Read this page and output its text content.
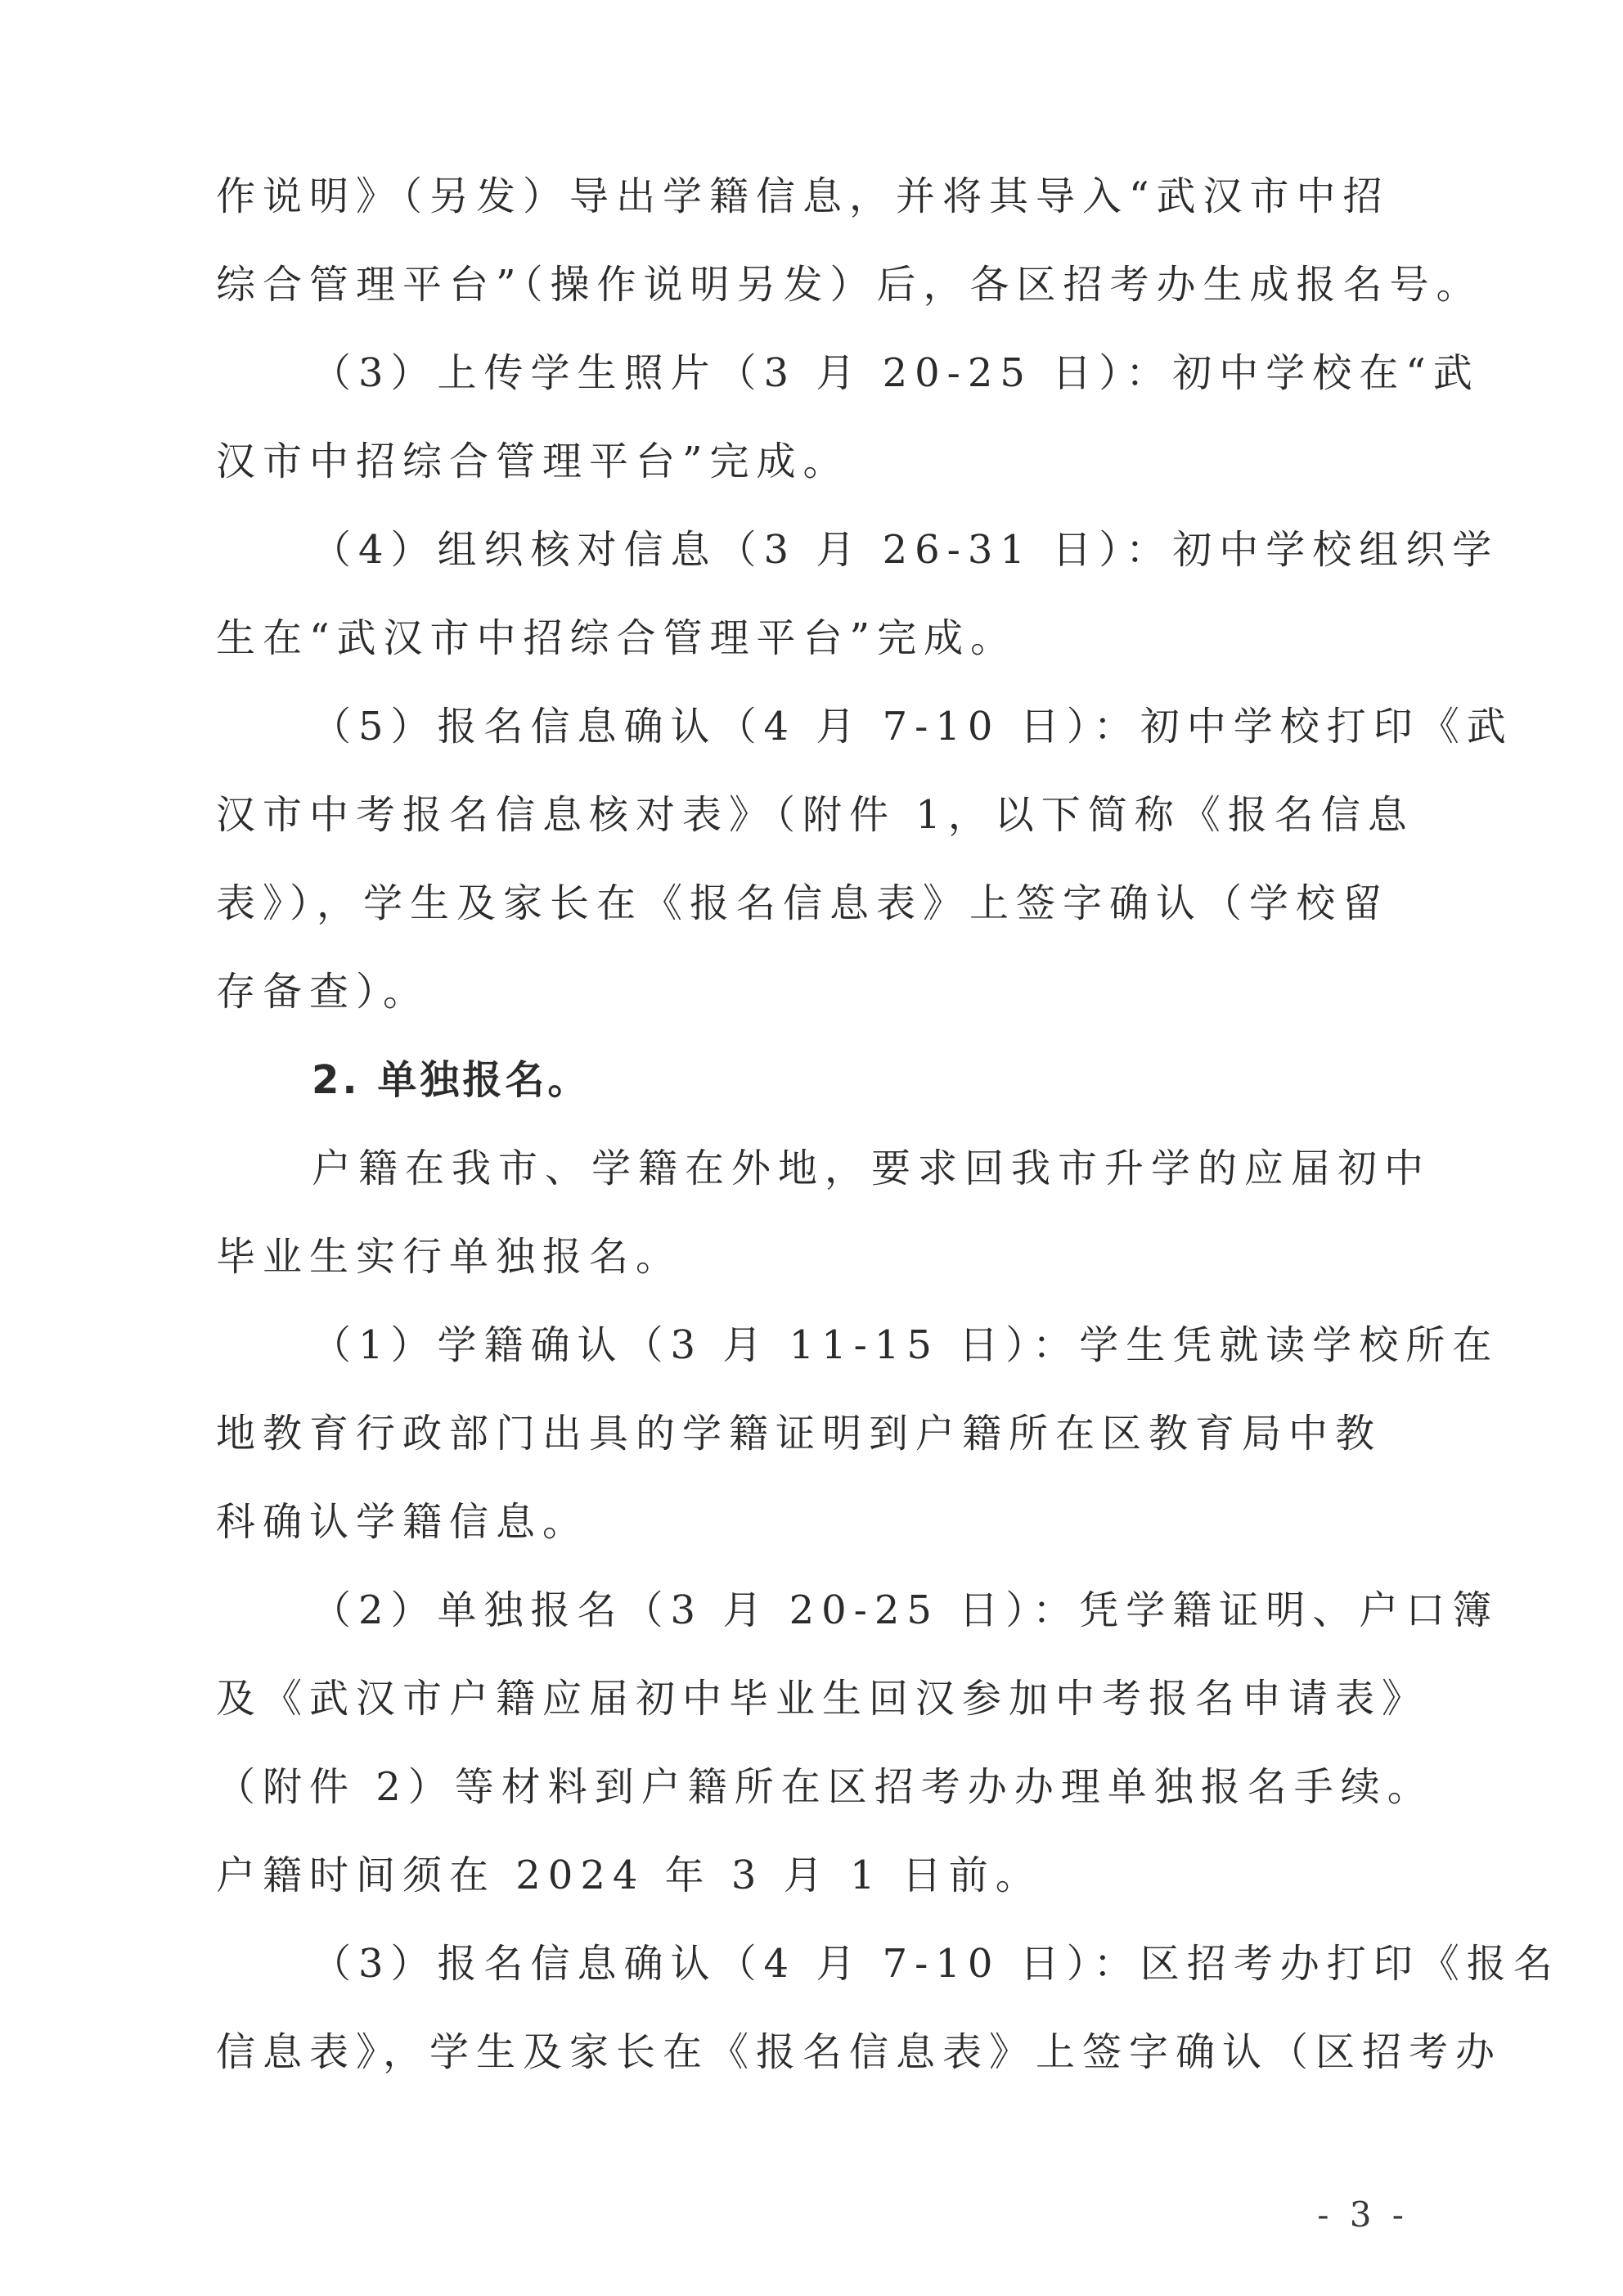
作说明》（另发）导出学籍信息，并将其导入“武汉市中招
综合管理平台”（操作说明另发）后，各区招考办生成报名号。
（3）上传学生照片（3 月 20-25 日）：初中学校在“武
汉市中招综合管理平台”完成。
（4）组织核对信息（3 月 26-31 日）：初中学校组织学
生在“武汉市中招综合管理平台”完成。
（5）报名信息确认（4 月 7-10 日）：初中学校打印《武
汉市中考报名信息核对表》（附件 1，以下简称《报名信息
表》），学生及家长在《报名信息表》上签字确认（学校留
存备查）。
2. 单独报名。
户籍在我市、学籍在外地，要求回我市升学的应届初中
毕业生实行单独报名。
（1）学籍确认（3 月 11-15 日）：学生凭就读学校所在
地教育行政部门出具的学籍证明到户籍所在区教育局中教
科确认学籍信息。
（2）单独报名（3 月 20-25 日）：凭学籍证明、户口簿
及《武汉市户籍应届初中毕业生回汉参加中考报名申请表》
（附件 2）等材料到户籍所在区招考办办理单独报名手续。
户籍时间须在 2024 年 3 月 1 日前。
（3）报名信息确认（4 月 7-10 日）：区招考办打印《报名
信息表》，学生及家长在《报名信息表》上签字确认（区招考办
- 3 -
